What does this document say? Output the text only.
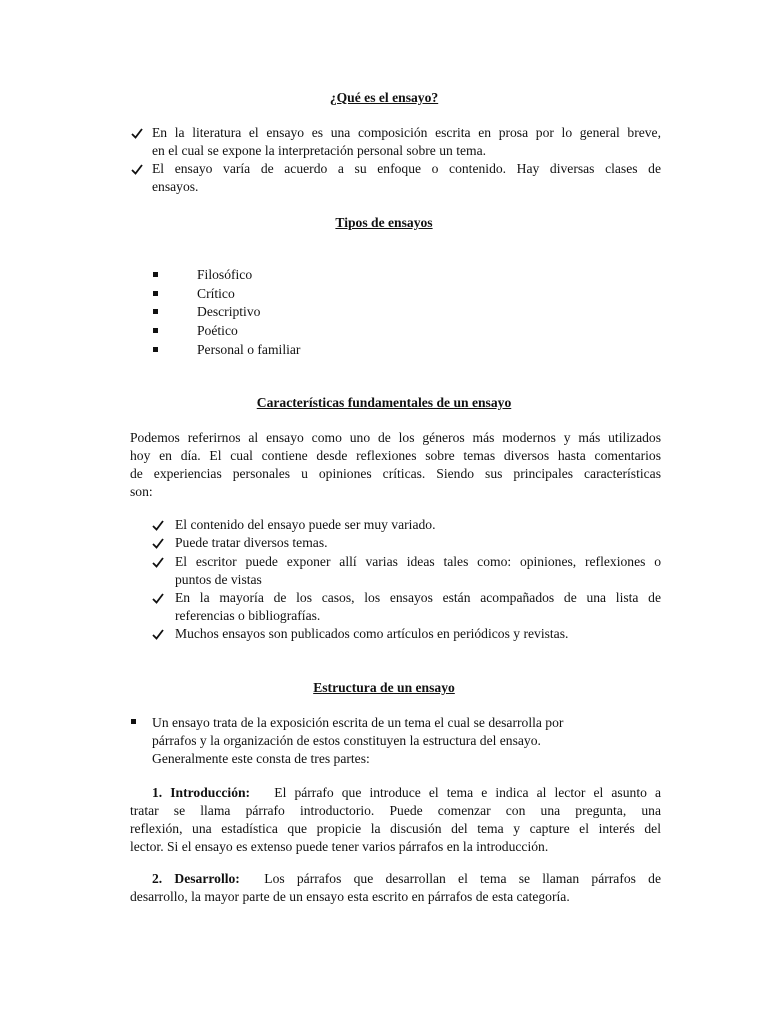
¿Qué es el ensayo?
En la literatura el ensayo es una composición escrita en prosa por lo general breve,
en el cual se expone la interpretación personal sobre un tema.
El ensayo varía de acuerdo a su enfoque o contenido. Hay diversas clases de
ensayos.
Tipos de ensayos
Filosófico
Crítico
Descriptivo
Poético
Personal o familiar
Características fundamentales de un ensayo
Podemos referirnos al ensayo como uno de los géneros más modernos y más utilizados
hoy en día. El cual contiene desde reflexiones sobre temas diversos hasta comentarios
de experiencias personales u opiniones críticas. Siendo sus principales características
son:
El contenido del ensayo puede ser muy variado.
Puede tratar diversos temas.
El escritor puede exponer allí varias ideas tales como: opiniones, reflexiones o
puntos de vistas
En la mayoría de los casos, los ensayos están acompañados de una lista de
referencias o bibliografías.
Muchos ensayos son publicados como artículos en periódicos y revistas.
Estructura de un ensayo
Un ensayo trata de la exposición escrita de un tema el cual se desarrolla por
párrafos y la organización de estos constituyen la estructura del ensayo.
Generalmente este consta de tres partes:
1. Introducción: El párrafo que introduce el tema e indica al lector el asunto a
tratar se llama párrafo introductorio. Puede comenzar con una pregunta, una
reflexión, una estadística que propicie la discusión del tema y capture el interés del
lector. Si el ensayo es extenso puede tener varios párrafos en la introducción.
2. Desarrollo: Los párrafos que desarrollan el tema se llaman párrafos de
desarrollo, la mayor parte de un ensayo esta escrito en párrafos de esta categoría.
